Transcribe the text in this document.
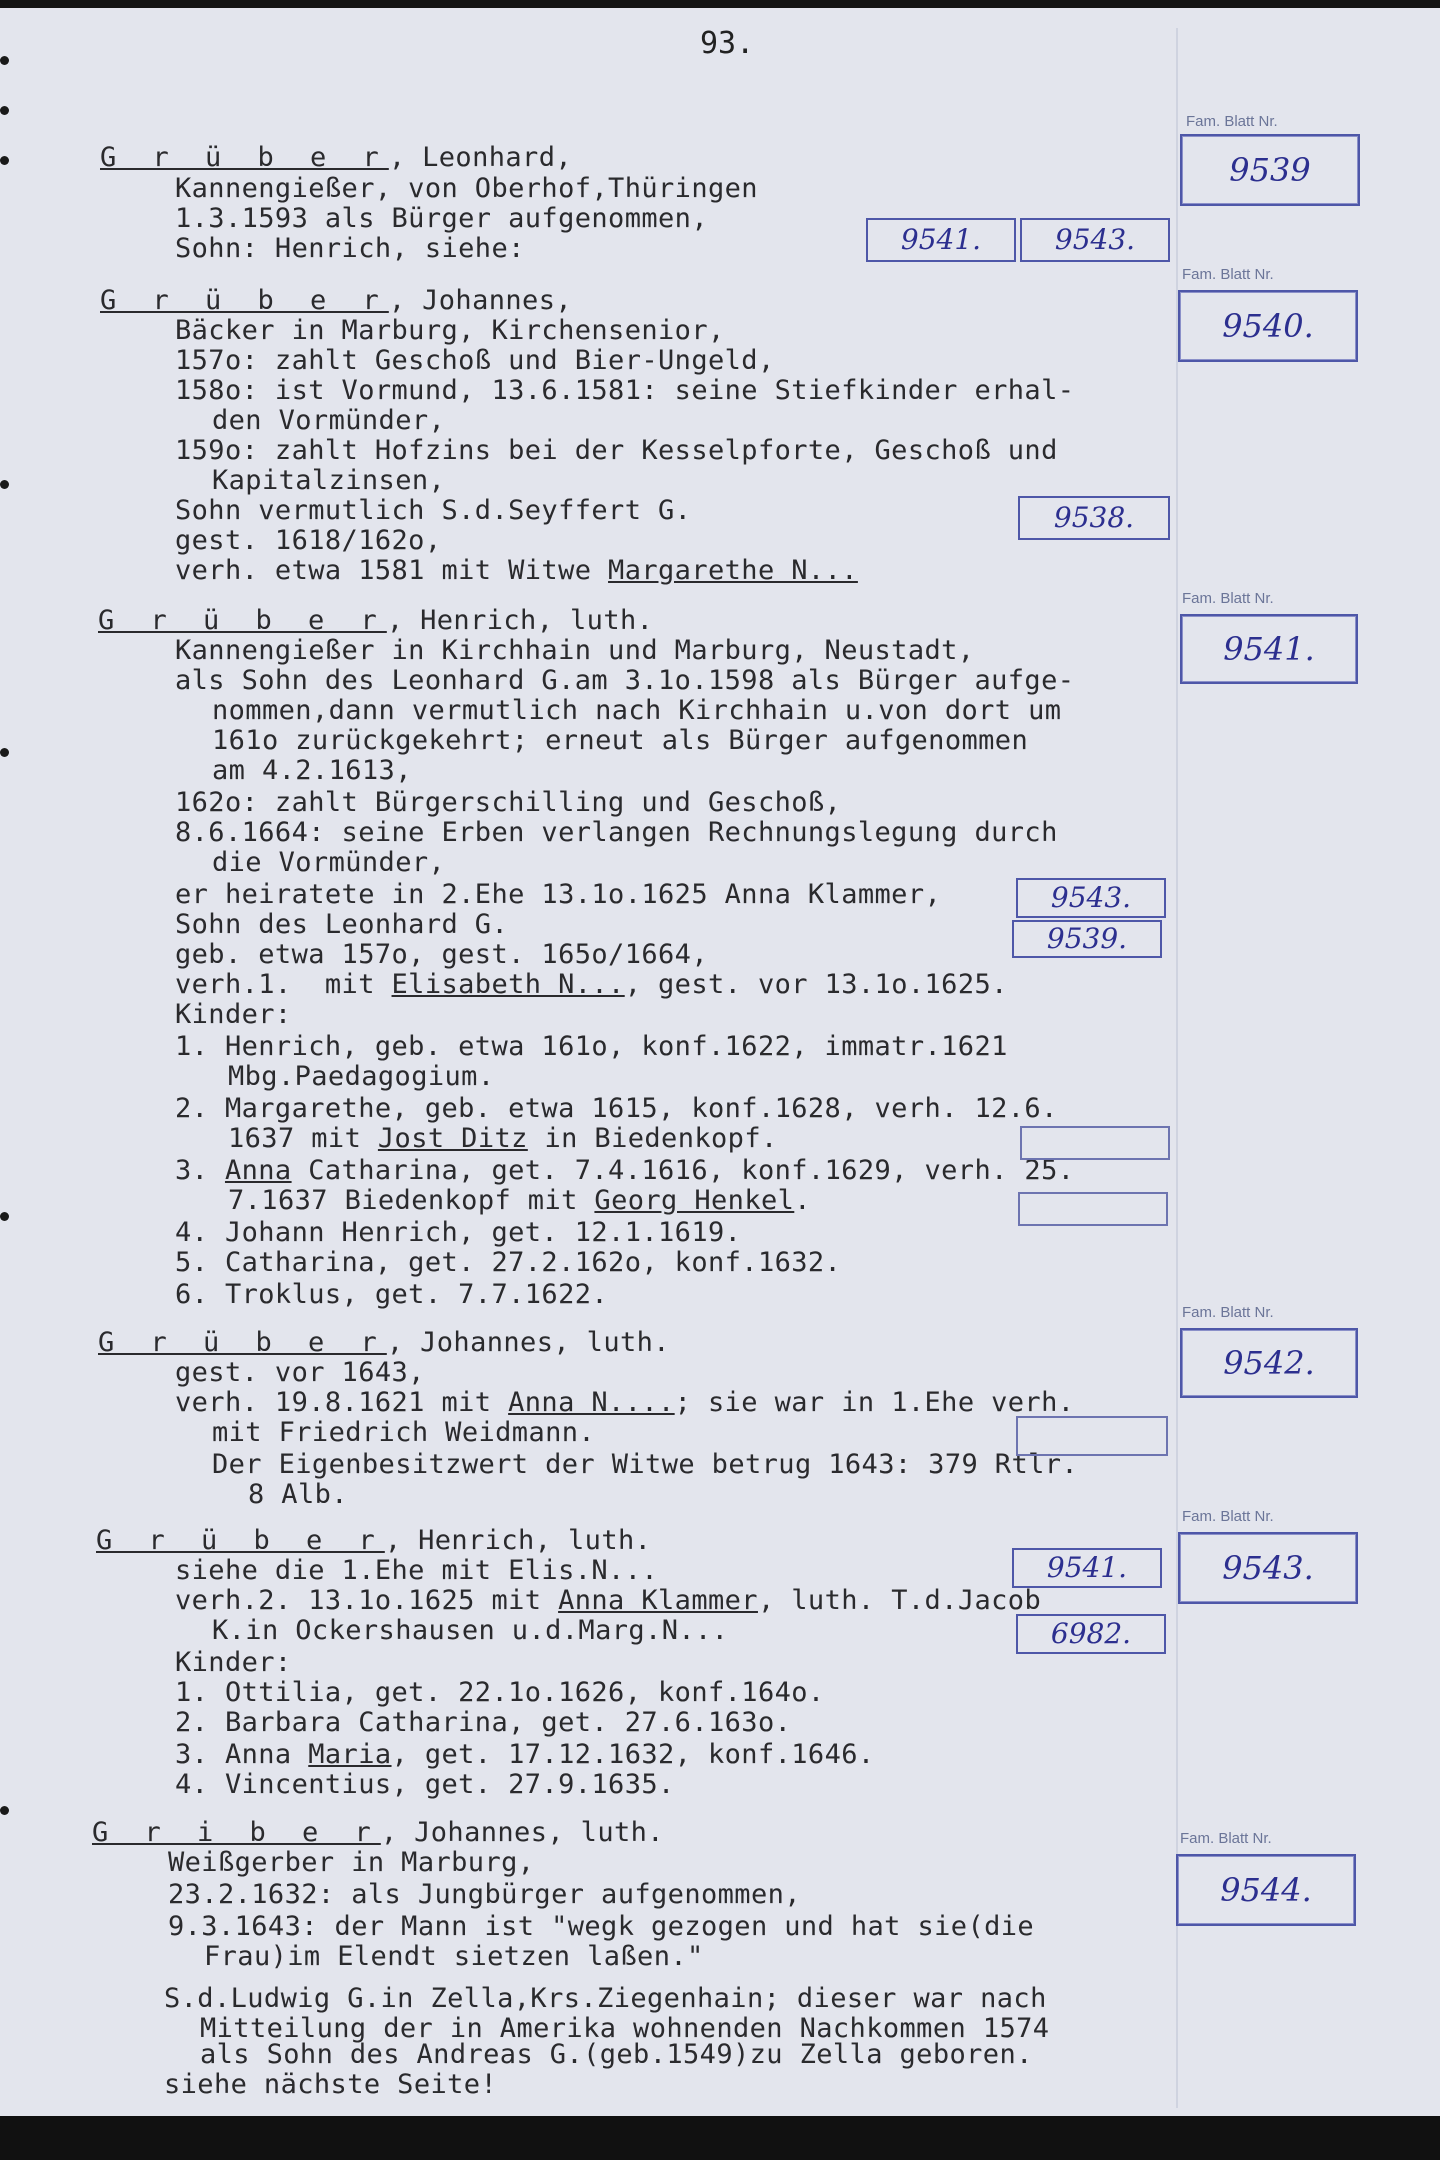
93.
G r ü b e r, Leonhard,
Kannengießer, von Oberhof,Thüringen
1.3.1593 als Bürger aufgenommen,
Sohn: Henrich, siehe:
Fam. Blatt Nr.
9539
9541.	9543.
G r ü b e r, Johannes,
Bäcker in Marburg, Kirchensenior,
157o: zahlt Geschoß und Bier-Ungeld,
158o: ist Vormund, 13.6.1581: seine Stiefkinder erhal-
den Vormünder,
159o: zahlt Hofzins bei der Kesselpforte, Geschoß und
Kapitalzinsen,
Sohn vermutlich S.d.Seyffert G.
gest. 1618/162o,
verh. etwa 1581 mit Witwe Margarethe N...
Fam. Blatt Nr.
9540.
9538.
G r ü b e r, Henrich, luth.
Kannengießer in Kirchhain und Marburg, Neustadt,
als Sohn des Leonhard G.am 3.1o.1598 als Bürger aufge-
nommen,dann vermutlich nach Kirchhain u.von dort um
161o zurückgekehrt; erneut als Bürger aufgenommen
am 4.2.1613,
162o: zahlt Bürgerschilling und Geschoß,
8.6.1664: seine Erben verlangen Rechnungslegung durch
die Vormünder,
er heiratete in 2.Ehe 13.1o.1625 Anna Klammer,
Sohn des Leonhard G.
geb. etwa 157o, gest. 165o/1664,
verh.1.  mit Elisabeth N..., gest. vor 13.1o.1625.
Kinder:
1. Henrich, geb. etwa 161o, konf.1622, immatr.1621
Mbg.Paedagogium.
2. Margarethe, geb. etwa 1615, konf.1628, verh. 12.6.
1637 mit Jost Ditz in Biedenkopf.
3. Anna Catharina, get. 7.4.1616, konf.1629, verh. 25.
7.1637 Biedenkopf mit Georg Henkel.
4. Johann Henrich, get. 12.1.1619.
5. Catharina, get. 27.2.162o, konf.1632.
6. Troklus, get. 7.7.1622.
Fam. Blatt Nr.
9541.
9543.
9539.
G r ü b e r, Johannes, luth.
gest. vor 1643,
verh. 19.8.1621 mit Anna N....; sie war in 1.Ehe verh.
mit Friedrich Weidmann.
Der Eigenbesitzwert der Witwe betrug 1643: 379 Rtlr.
8 Alb.
Fam. Blatt Nr.
9542.
G r ü b e r, Henrich, luth.
siehe die 1.Ehe mit Elis.N...
verh.2. 13.1o.1625 mit Anna Klammer, luth. T.d.Jacob
K.in Ockershausen u.d.Marg.N...
Kinder:
1. Ottilia, get. 22.1o.1626, konf.164o.
2. Barbara Catharina, get. 27.6.163o.
3. Anna Maria, get. 17.12.1632, konf.1646.
4. Vincentius, get. 27.9.1635.
Fam. Blatt Nr.
9543.
9541.
6982.
G r i b e r, Johannes, luth.
Weißgerber in Marburg,
23.2.1632: als Jungbürger aufgenommen,
9.3.1643: der Mann ist "wegk gezogen und hat sie(die
Frau)im Elendt sietzen laßen."
S.d.Ludwig G.in Zella,Krs.Ziegenhain; dieser war nach
Mitteilung der in Amerika wohnenden Nachkommen 1574
als Sohn des Andreas G.(geb.1549)zu Zella geboren.
siehe nächste Seite!
Fam. Blatt Nr.
9544.
